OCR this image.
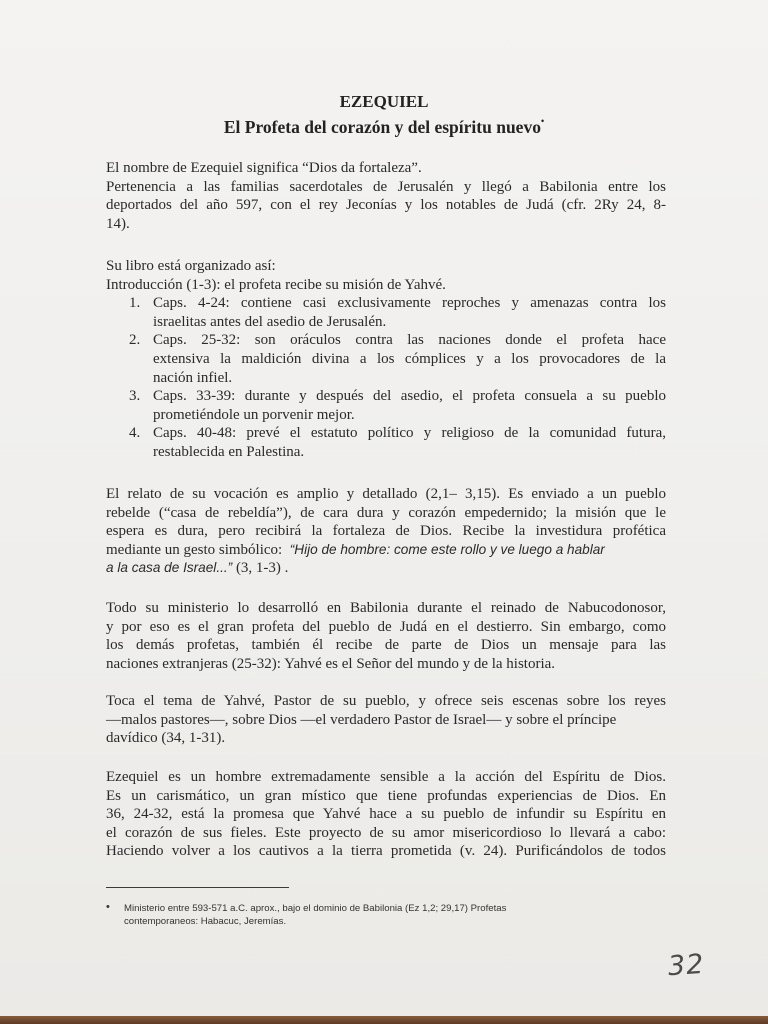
EZEQUIEL
El Profeta del corazón y del espíritu nuevo•
El nombre de Ezequiel significa “Dios da fortaleza”.
Pertenencia a las familias sacerdotales de Jerusalén y llegó a Babilonia entre los
deportados del año 597, con el rey Jeconías y los notables de Judá (cfr. 2Ry 24, 8-
14).
Su libro está organizado así:
Introducción (1-3): el profeta recibe su misión de Yahvé.
1. Caps. 4-24: contiene casi exclusivamente reproches y amenazas contra los
israelitas antes del asedio de Jerusalén.
2. Caps. 25-32: son oráculos contra las naciones donde el profeta hace
extensiva la maldición divina a los cómplices y a los provocadores de la
nación infiel.
3. Caps. 33-39: durante y después del asedio, el profeta consuela a su pueblo
prometiéndole un porvenir mejor.
4. Caps. 40-48: prevé el estatuto político y religioso de la comunidad futura,
restablecida en Palestina.
El relato de su vocación es amplio y detallado (2,1– 3,15). Es enviado a un pueblo
rebelde (“casa de rebeldía”), de cara dura y corazón empedernido; la misión que le
espera es dura, pero recibirá la fortaleza de Dios. Recibe la investidura profética
mediante un gesto simbólico: “Hijo de hombre: come este rollo y ve luego a hablar
a la casa de Israel...” (3, 1-3) .
Todo su ministerio lo desarrolló en Babilonia durante el reinado de Nabucodonosor,
y por eso es el gran profeta del pueblo de Judá en el destierro. Sin embargo, como
los demás profetas, también él recibe de parte de Dios un mensaje para las
naciones extranjeras (25-32): Yahvé es el Señor del mundo y de la historia.
Toca el tema de Yahvé, Pastor de su pueblo, y ofrece seis escenas sobre los reyes
—malos pastores—, sobre Dios —el verdadero Pastor de Israel— y sobre el príncipe
davídico (34, 1-31).
Ezequiel es un hombre extremadamente sensible a la acción del Espíritu de Dios.
Es un carismático, un gran místico que tiene profundas experiencias de Dios. En
36, 24-32, está la promesa que Yahvé hace a su pueblo de infundir su Espíritu en
el corazón de sus fieles. Este proyecto de su amor misericordioso lo llevará a cabo:
Haciendo volver a los cautivos a la tierra prometida (v. 24). Purificándolos de todos
•	Ministerio entre 593-571 a.C. aprox., bajo el dominio de Babilonia (Ez 1,2; 29,17) Profetas
contemporaneos: Habacuc, Jeremías.
32
